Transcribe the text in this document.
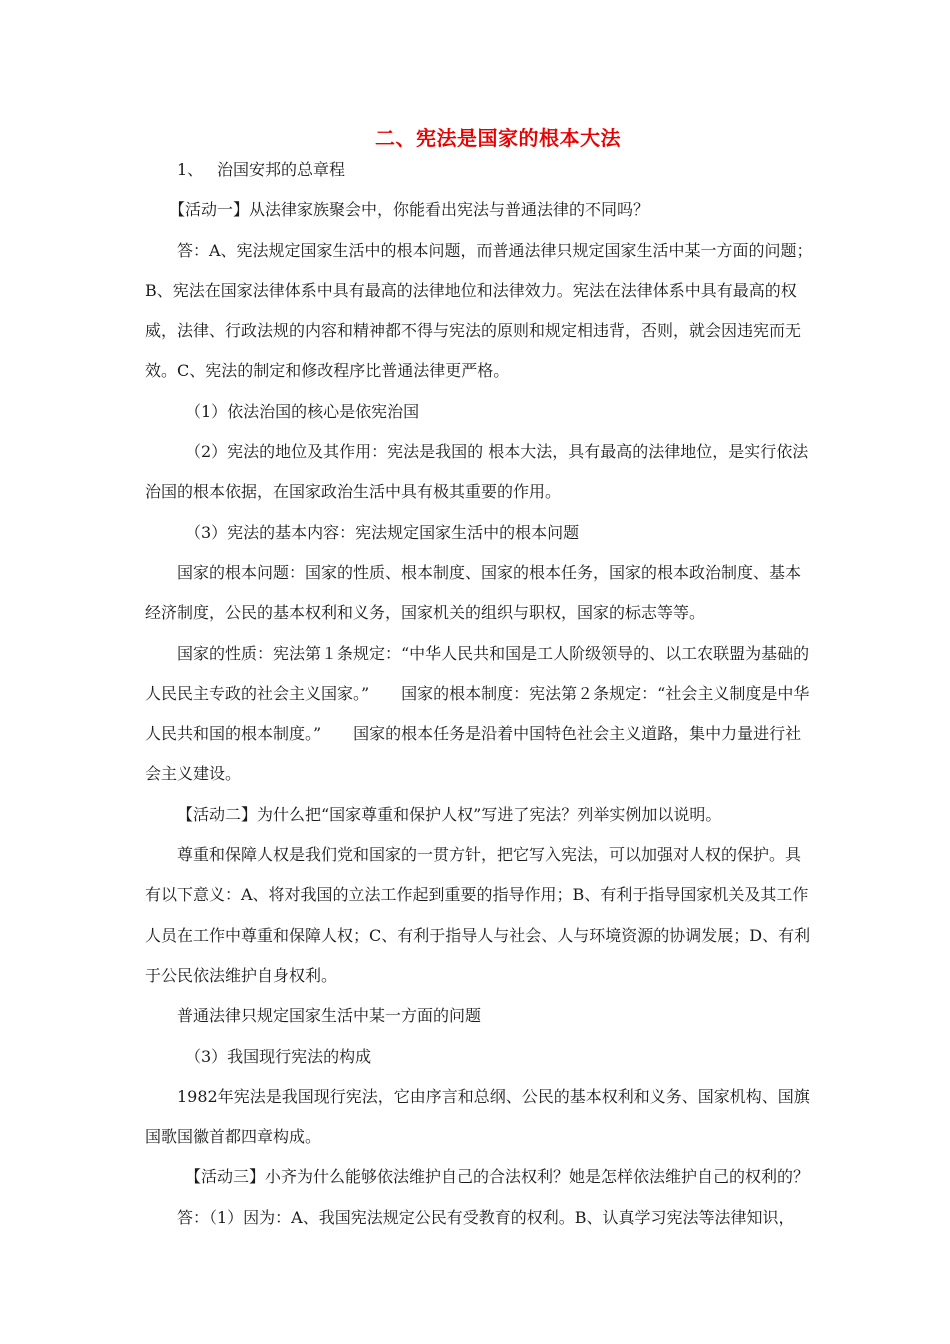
二、宪法是国家的根本大法

1、 治国安邦的总章程

【活动一】从法律家族聚会中，你能看出宪法与普通法律的不同吗？

答：A、宪法规定国家生活中的根本问题，而普通法律只规定国家生活中某一方面的问题；B、宪法在国家法律体系中具有最高的法律地位和法律效力。宪法在法律体系中具有最高的权威，法律、行政法规的内容和精神都不得与宪法的原则和规定相违背，否则，就会因违宪而无效。C、宪法的制定和修改程序比普通法律更严格。

（1）依法治国的核心是依宪治国

（2）宪法的地位及其作用：宪法是我国的 根本大法，具有最高的法律地位，是实行依法治国的根本依据，在国家政治生活中具有极其重要的作用。

（3）宪法的基本内容：宪法规定国家生活中的根本问题

国家的根本问题：国家的性质、根本制度、国家的根本任务，国家的根本政治制度、基本经济制度，公民的基本权利和义务，国家机关的组织与职权，国家的标志等等。

国家的性质：宪法第１条规定：“中华人民共和国是工人阶级领导的、以工农联盟为基础的人民民主专政的社会主义国家。”　　国家的根本制度：宪法第２条规定：“社会主义制度是中华人民共和国的根本制度。”　　国家的根本任务是沿着中国特色社会主义道路，集中力量进行社会主义建设。

【活动二】为什么把“国家尊重和保护人权”写进了宪法？列举实例加以说明。

尊重和保障人权是我们党和国家的一贯方针，把它写入宪法，可以加强对人权的保护。具有以下意义：A、将对我国的立法工作起到重要的指导作用；B、有利于指导国家机关及其工作人员在工作中尊重和保障人权；C、有利于指导人与社会、人与环境资源的协调发展；D、有利于公民依法维护自身权利。

普通法律只规定国家生活中某一方面的问题

（3）我国现行宪法的构成

1982年宪法是我国现行宪法，它由序言和总纲、公民的基本权利和义务、国家机构、国旗国歌国徽首都四章构成。

【活动三】小齐为什么能够依法维护自己的合法权利？她是怎样依法维护自己的权利的？

答：（1）因为：A、我国宪法规定公民有受教育的权利。B、认真学习宪法等法律知识，
